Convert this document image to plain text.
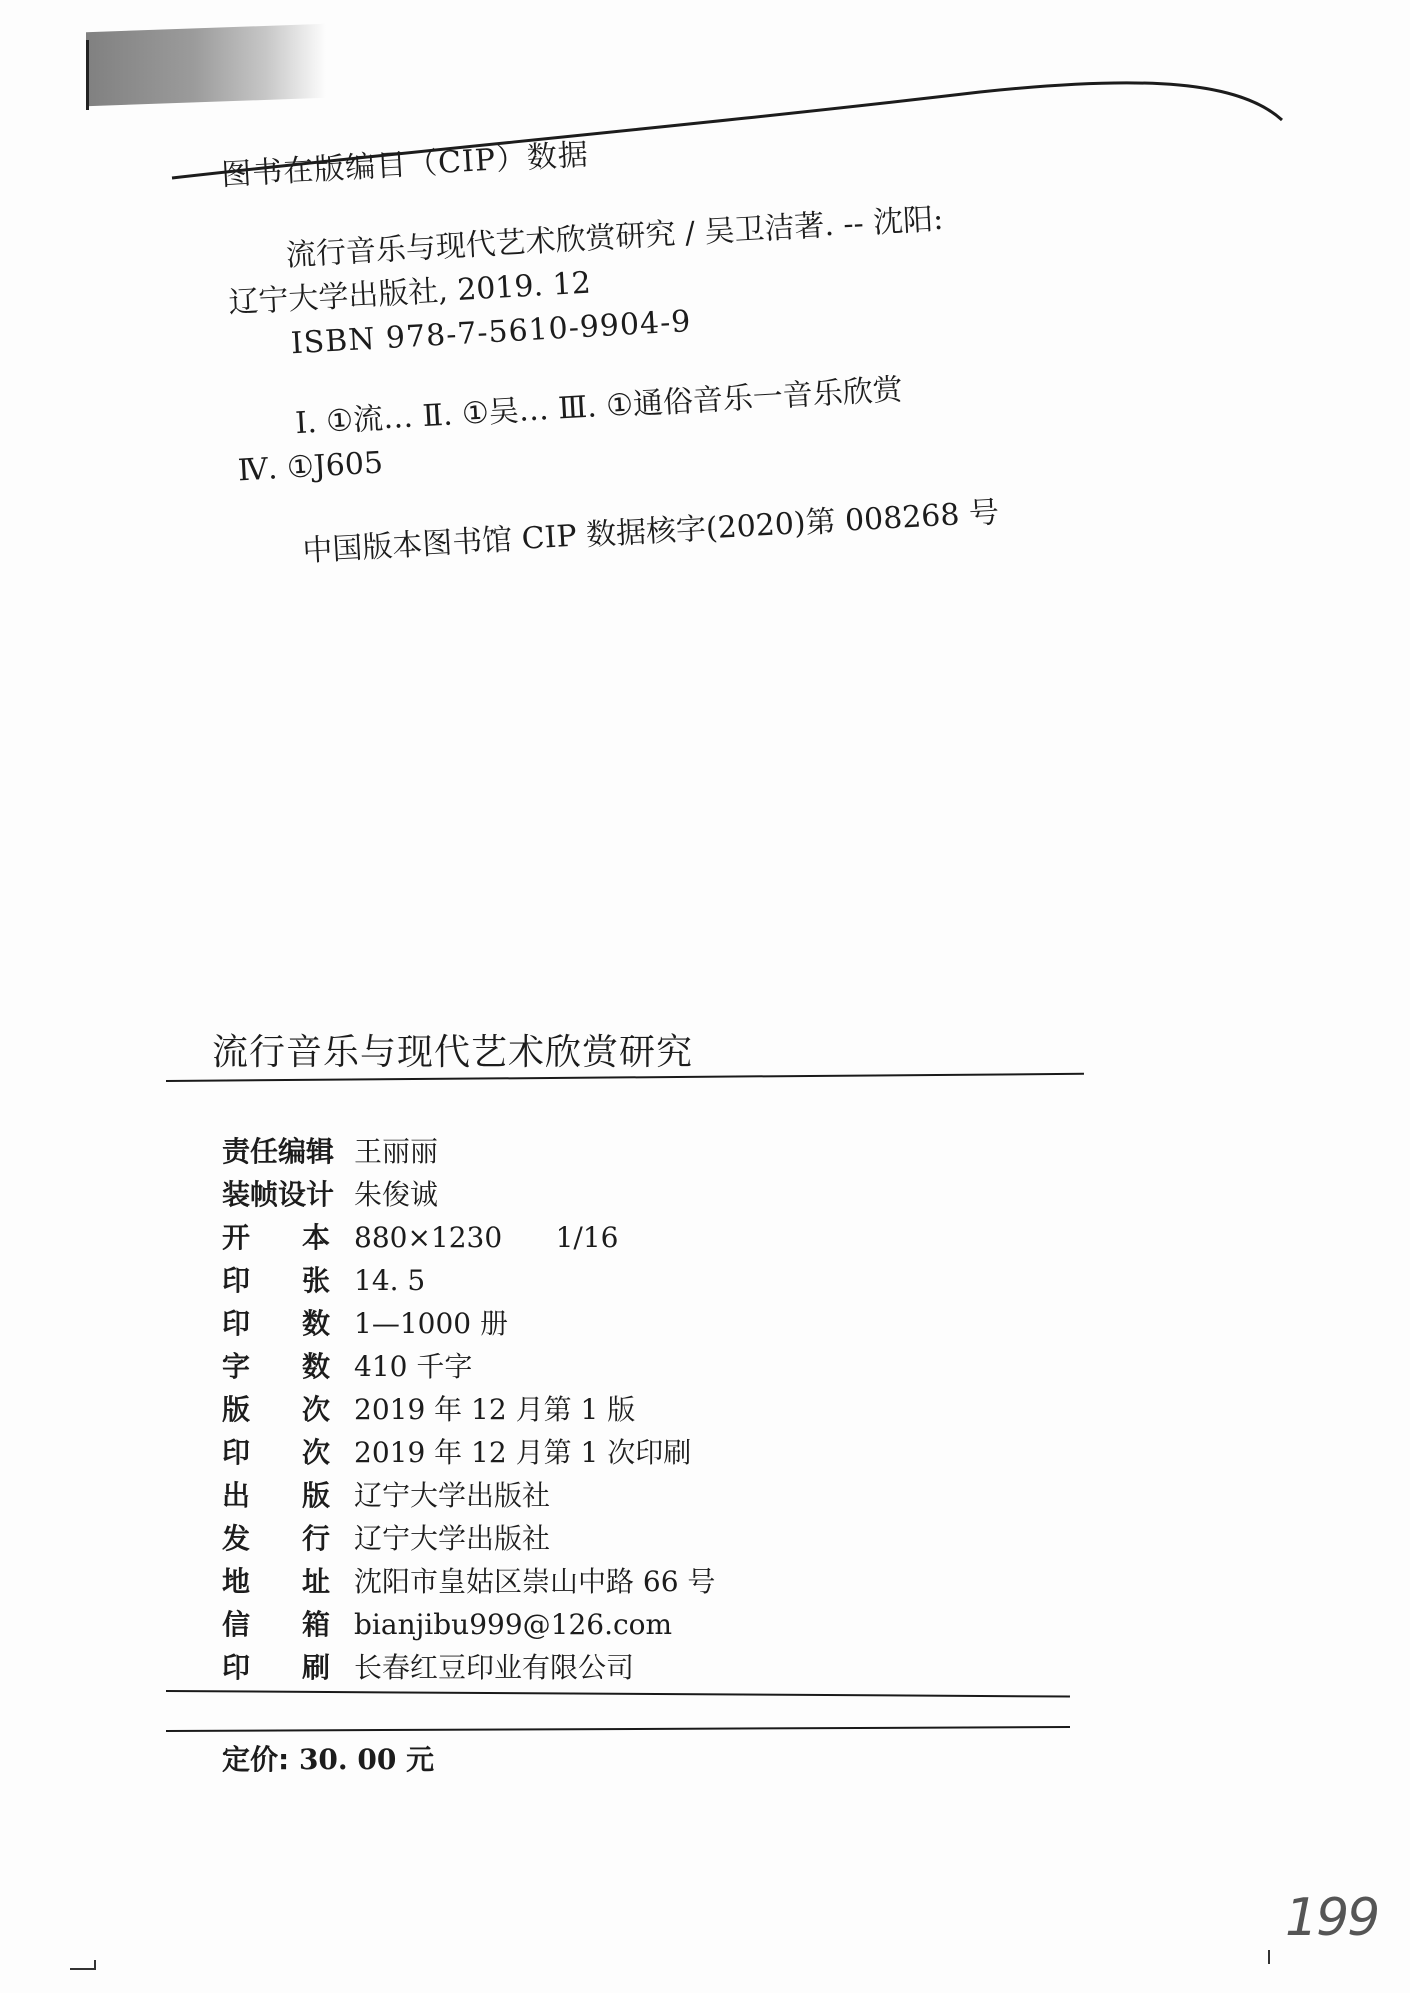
图书在版编目（CIP）数据

流行音乐与现代艺术欣赏研究 / 吴卫洁著. -- 沈阳:

辽宁大学出版社, 2019. 12

ISBN 978-7-5610-9904-9

Ⅰ. ①流… Ⅱ. ①吴… Ⅲ. ①通俗音乐一音乐欣赏

Ⅳ. ①J605

中国版本图书馆 CIP 数据核字(2020)第 008268 号

流行音乐与现代艺术欣赏研究

责 任 编 辑 王丽丽
装 帧 设 计 朱俊诚
开 本 880×1230      1/16
印 张 14. 5
印 数 1—1000 册
字 数 410 千字
版 次 2019 年 12 月第 1 版
印 次 2019 年 12 月第 1 次印刷
出 版 辽宁大学出版社
发 行 辽宁大学出版社
地 址 沈阳市皇姑区崇山中路 66 号
信 箱 bianjibu999@126.com
印 刷 长春红豆印业有限公司
定价: 30. 00 元
199
